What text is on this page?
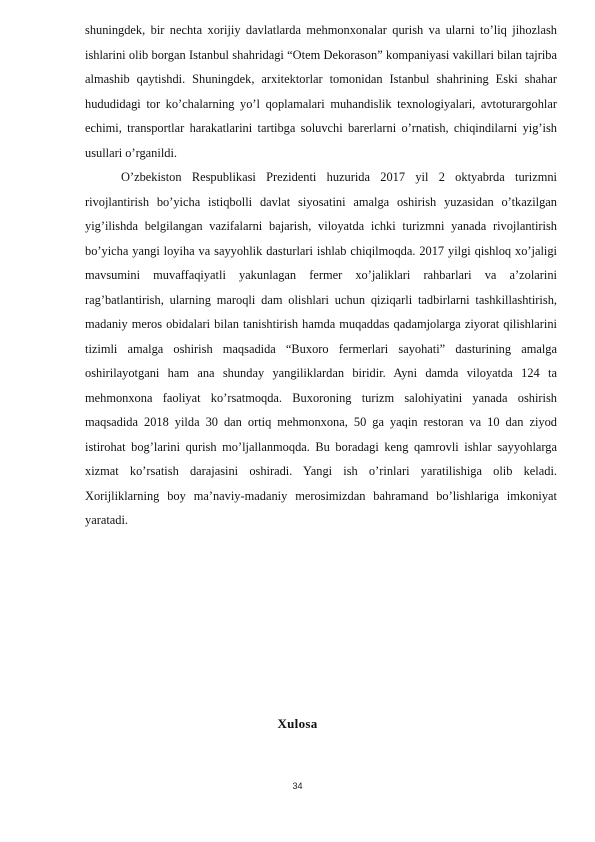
shuningdek, bir nechta xorijiy davlatlarda mehmonxonalar qurish va ularni to’liq jihozlash ishlarini olib borgan Istanbul shahridagi “Otem Dekorason” kompaniyasi vakillari bilan tajriba almashib qaytishdi. Shuningdek, arxitektorlar tomonidan Istanbul shahrining Eski shahar hududidagi tor ko’chalarning yo’l qoplamalari muhandislik texnologiyalari, avtoturargohlar echimi, transportlar harakatlarini tartibga soluvchi barerlarni o’rnatish, chiqindilarni yig’ish usullari o’rganildi.

O’zbekiston Respublikasi Prezidenti huzurida 2017 yil 2 oktyabrda turizmni rivojlantirish bo’yicha istiqbolli davlat siyosatini amalga oshirish yuzasidan o’tkazilgan yig’ilishda belgilangan vazifalarni bajarish, viloyatda ichki turizmni yanada rivojlantirish bo’yicha yangi loyiha va sayyohlik dasturlari ishlab chiqilmoqda. 2017 yilgi qishloq xo’jaligi mavsumini muvaffaqiyatli yakunlagan fermer xo’jaliklari rahbarlari va a’zolarini rag’batlantirish, ularning maroqli dam olishlari uchun qiziqarli tadbirlarni tashkillashtirish, madaniy meros obidalari bilan tanishtirish hamda muqaddas qadamjolarga ziyorat qilishlarini tizimli amalga oshirish maqsadida “Buxoro fermerlari sayohati” dasturining amalga oshirilayotgani ham ana shunday yangiliklardan biridir. Ayni damda viloyatda 124 ta mehmonxona faoliyat ko’rsatmoqda. Buxoroning turizm salohiyatini yanada oshirish maqsadida 2018 yilda 30 dan ortiq mehmonxona, 50 ga yaqin restoran va 10 dan ziyod istirohat bog’larini qurish mo’ljallanmoqda. Bu boradagi keng qamrovli ishlar sayyohlarga xizmat ko’rsatish darajasini oshiradi. Yangi ish o’rinlari yaratilishiga olib keladi. Xorijliklarning boy ma’naviy-madaniy merosimizdan bahramand bo’lishlariga imkoniyat yaratadi.

Xulosa
34
